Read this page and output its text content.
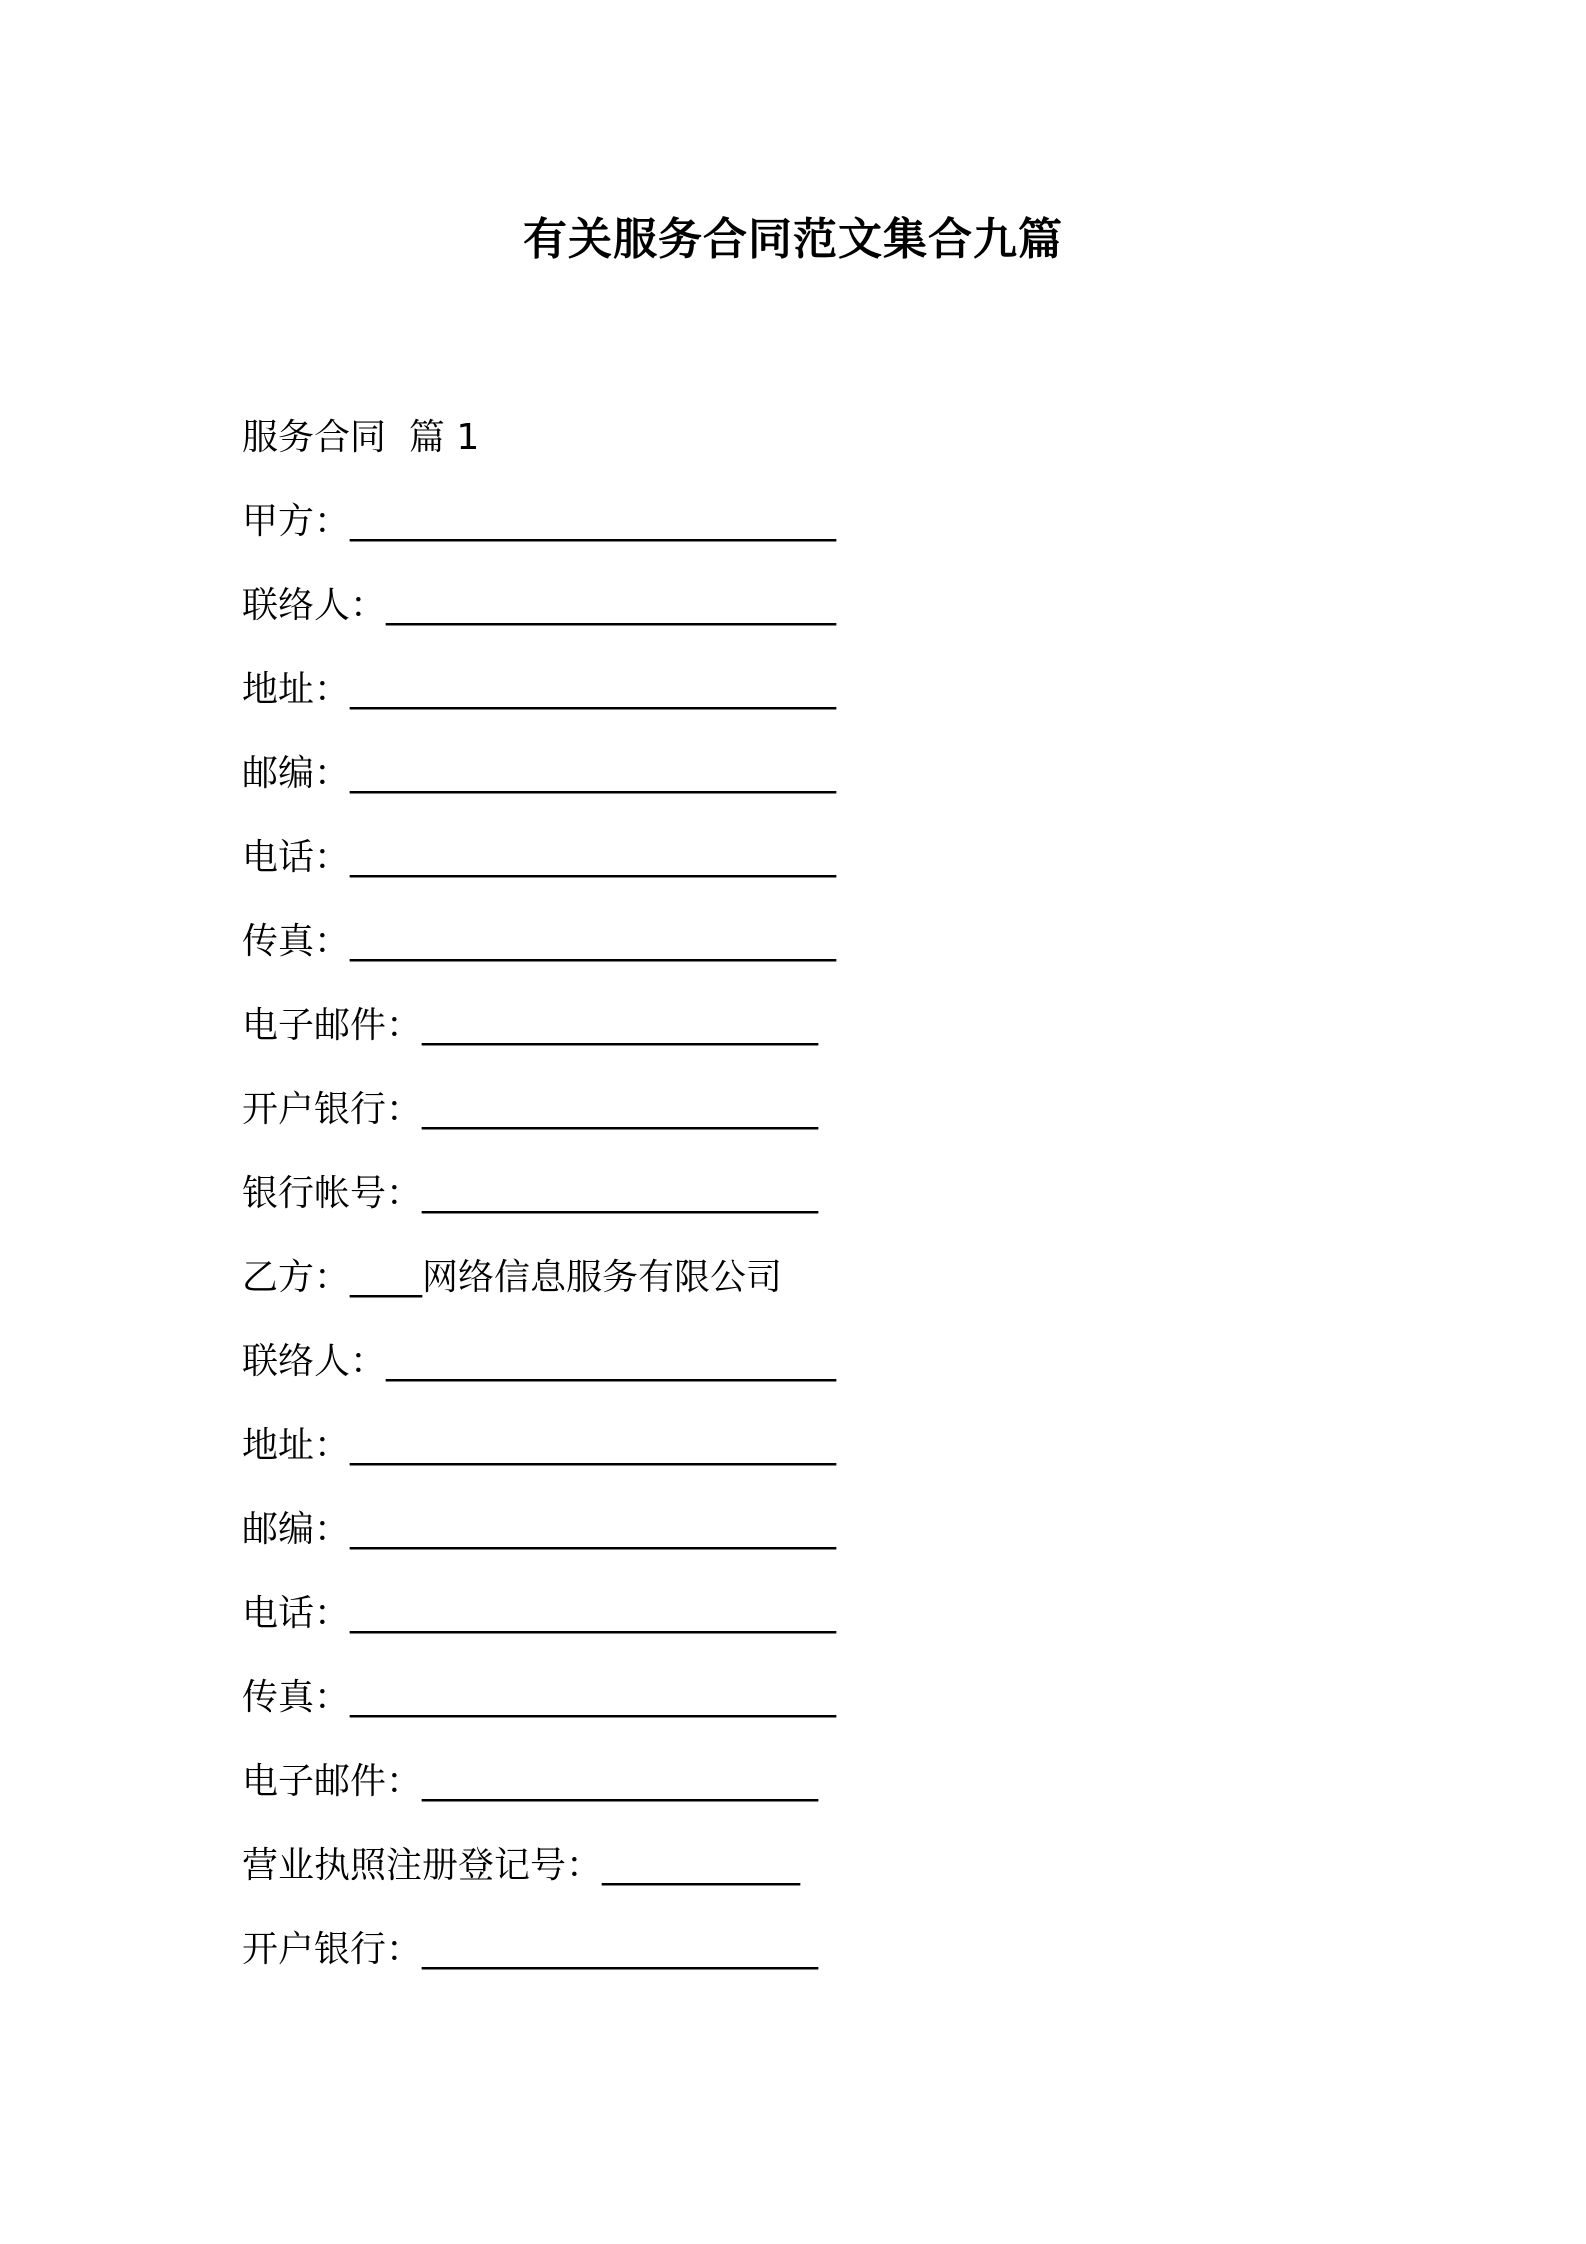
有关服务合同范文集合九篇
服务合同  篇 1
甲方：___________________________
联络人：_________________________
地址：___________________________
邮编：___________________________
电话：___________________________
传真：___________________________
电子邮件：______________________
开户银行：______________________
银行帐号：______________________
乙方：____网络信息服务有限公司
联络人：_________________________
地址：___________________________
邮编：___________________________
电话：___________________________
传真：___________________________
电子邮件：______________________
营业执照注册登记号：___________
开户银行：______________________
